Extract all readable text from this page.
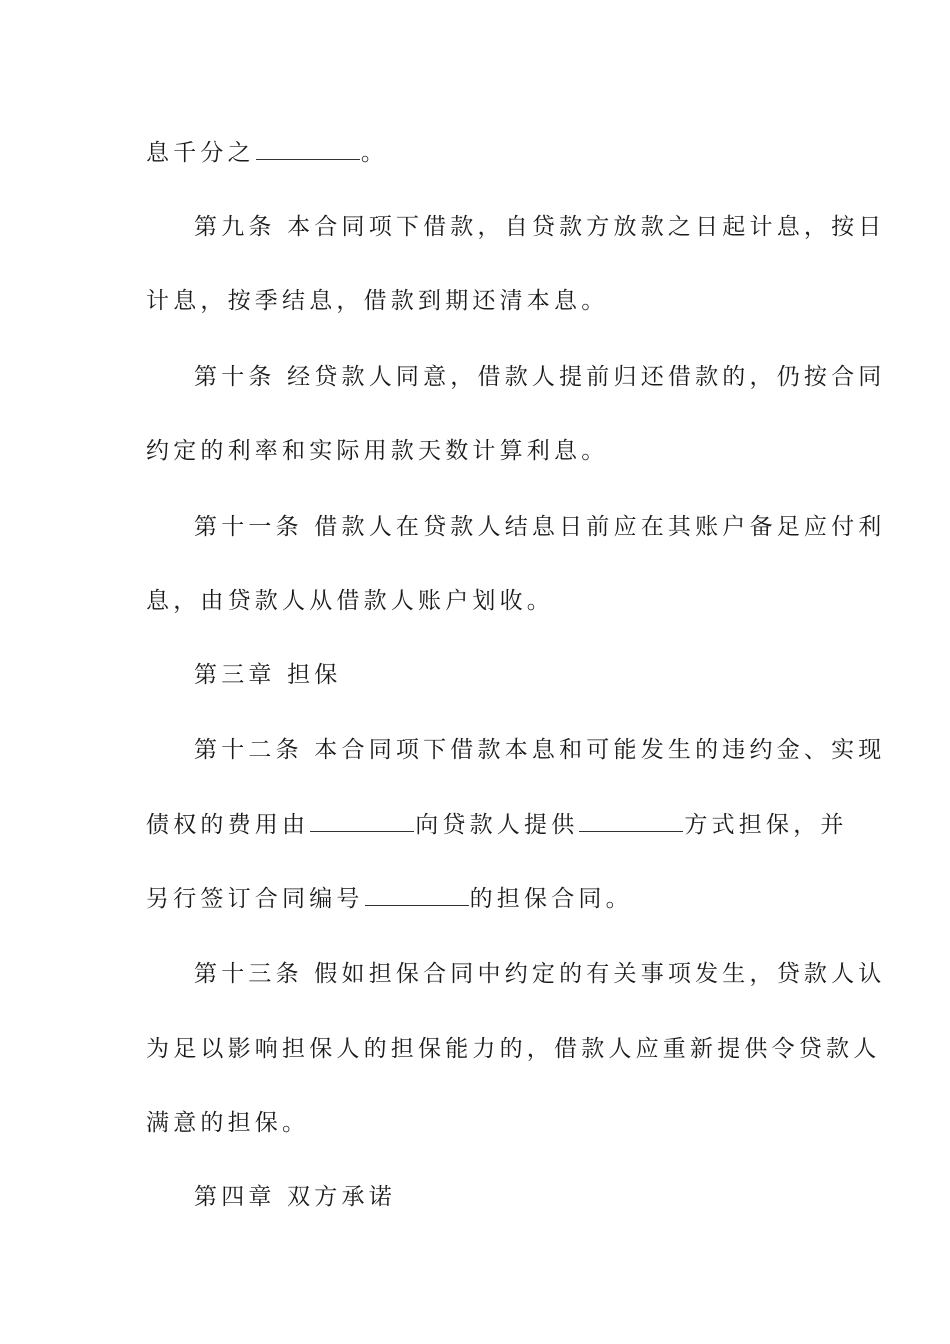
息千分之	。
第九条 本合同项下借款，自贷款方放款之日起计息，按日
计息，按季结息，借款到期还清本息。
第十条 经贷款人同意，借款人提前归还借款的，仍按合同
约定的利率和实际用款天数计算利息。
第十一条 借款人在贷款人结息日前应在其账户备足应付利
息，由贷款人从借款人账户划收。
第三章 担保
第十二条 本合同项下借款本息和可能发生的违约金、实现
债权的费用由	向贷款人提供	方式担保，并
另行签订合同编号	的担保合同。
第十三条 假如担保合同中约定的有关事项发生，贷款人认
为足以影响担保人的担保能力的，借款人应重新提供令贷款人
满意的担保。
第四章 双方承诺
